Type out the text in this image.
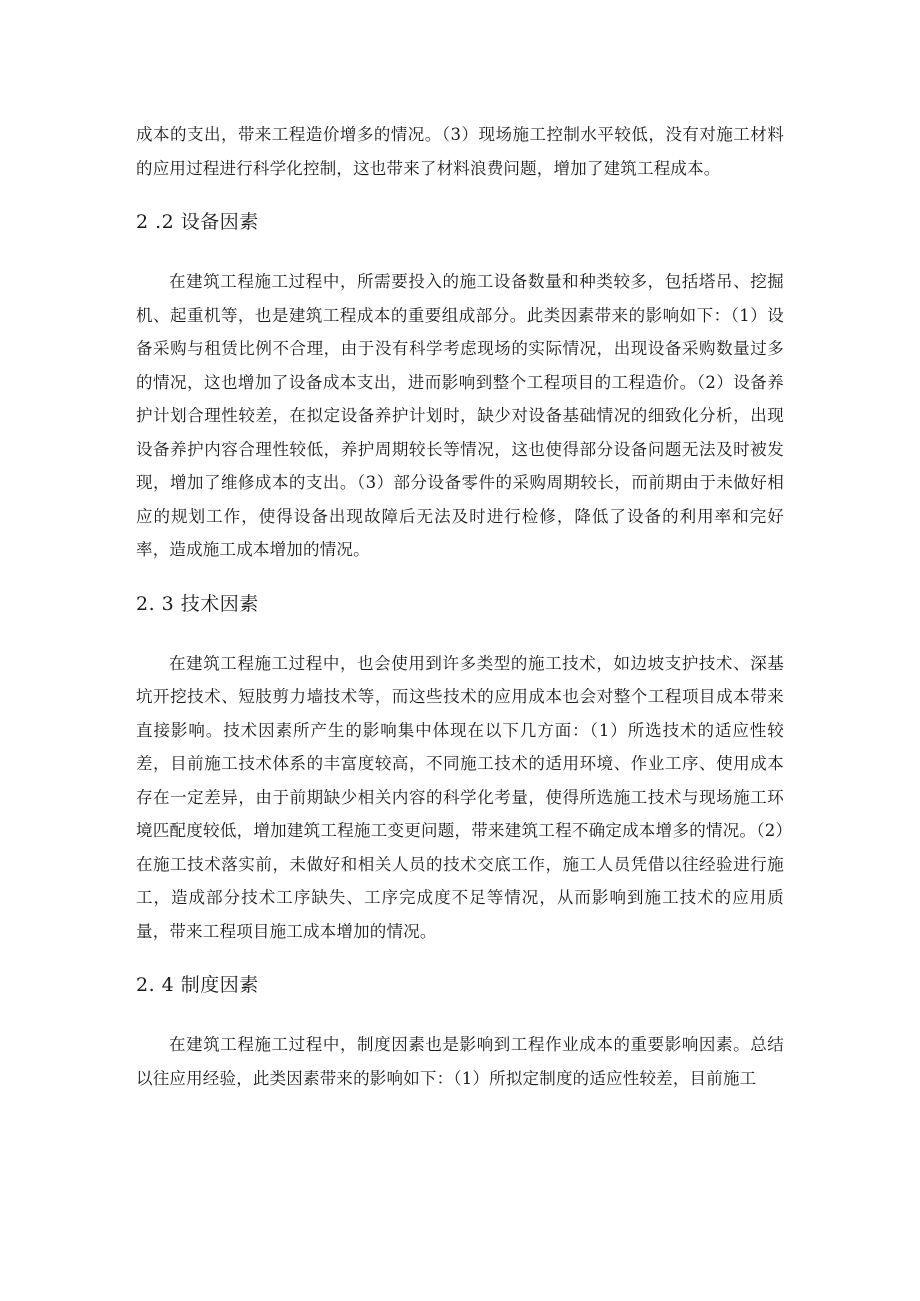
成本的支出，带来工程造价增多的情况。（3）现场施工控制水平较低，没有对施工材料的应用过程进行科学化控制，这也带来了材料浪费问题，增加了建筑工程成本。

2 .2 设备因素

在建筑工程施工过程中，所需要投入的施工设备数量和种类较多，包括塔吊、挖掘机、起重机等，也是建筑工程成本的重要组成部分。此类因素带来的影响如下：（1）设备采购与租赁比例不合理，由于没有科学考虑现场的实际情况，出现设备采购数量过多的情况，这也增加了设备成本支出，进而影响到整个工程项目的工程造价。（2）设备养护计划合理性较差，在拟定设备养护计划时，缺少对设备基础情况的细致化分析，出现设备养护内容合理性较低，养护周期较长等情况，这也使得部分设备问题无法及时被发现，增加了维修成本的支出。（3）部分设备零件的采购周期较长，而前期由于未做好相应的规划工作，使得设备出现故障后无法及时进行检修，降低了设备的利用率和完好率，造成施工成本增加的情况。

2. 3 技术因素

在建筑工程施工过程中，也会使用到许多类型的施工技术，如边坡支护技术、深基坑开挖技术、短肢剪力墙技术等，而这些技术的应用成本也会对整个工程项目成本带来直接影响。技术因素所产生的影响集中体现在以下几方面：（1）所选技术的适应性较差，目前施工技术体系的丰富度较高，不同施工技术的适用环境、作业工序、使用成本存在一定差异，由于前期缺少相关内容的科学化考量，使得所选施工技术与现场施工环境匹配度较低，增加建筑工程施工变更问题，带来建筑工程不确定成本增多的情况。（2）在施工技术落实前，未做好和相关人员的技术交底工作，施工人员凭借以往经验进行施工，造成部分技术工序缺失、工序完成度不足等情况，从而影响到施工技术的应用质量，带来工程项目施工成本增加的情况。

2. 4 制度因素

在建筑工程施工过程中，制度因素也是影响到工程作业成本的重要影响因素。总结以往应用经验，此类因素带来的影响如下：（1）所拟定制度的适应性较差，目前施工
